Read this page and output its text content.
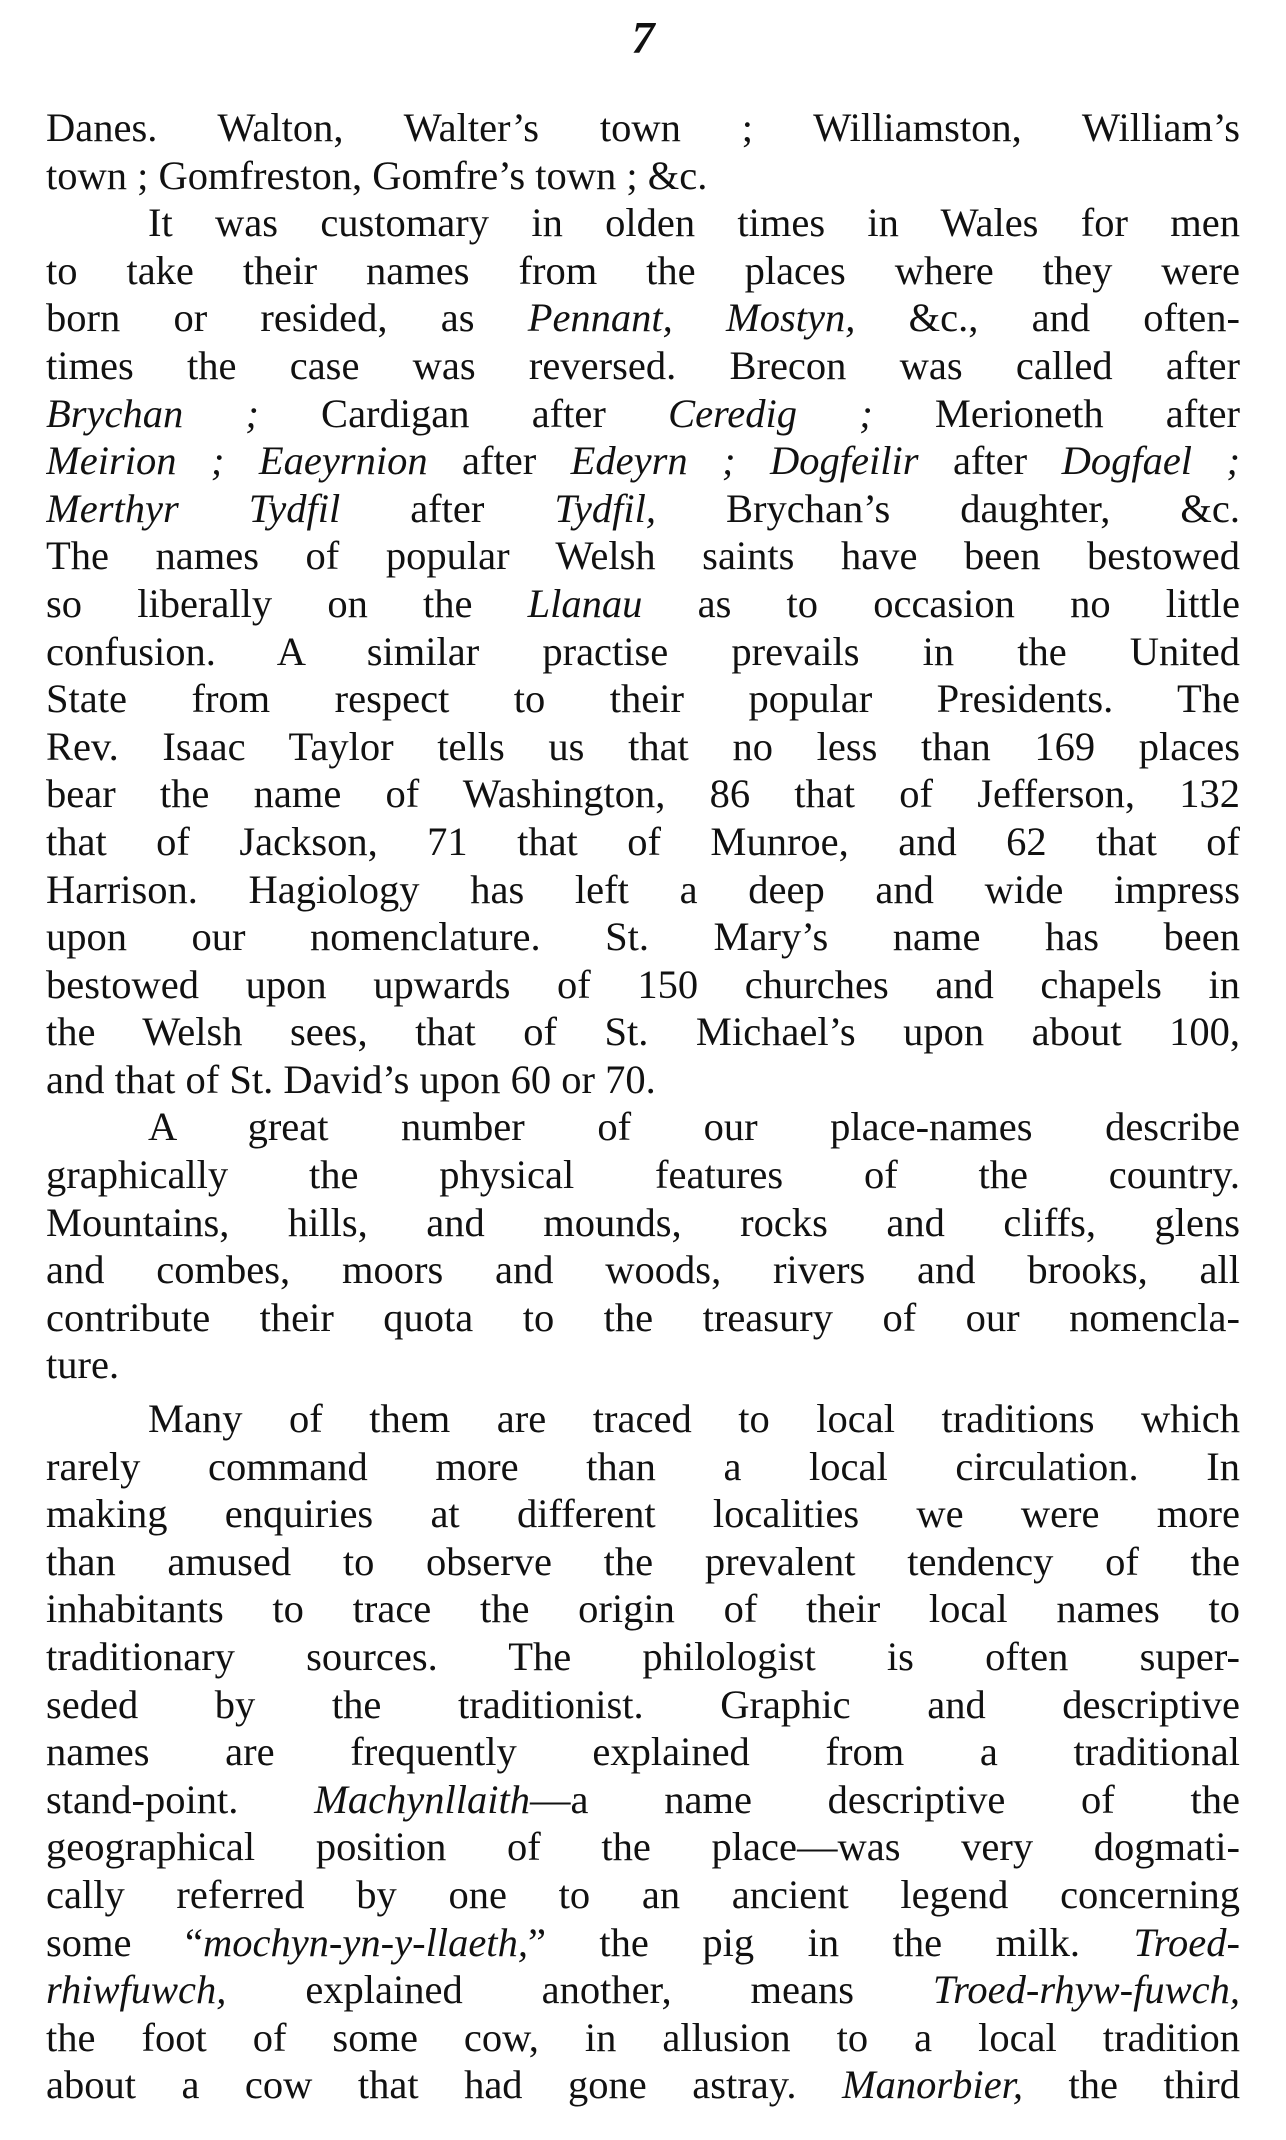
7
Danes. Walton, Walter’s town ; Williamston, William’s
town ; Gomfreston, Gomfre’s town ; &c.
It was customary in olden times in Wales for men
to take their names from the places where they were
born or resided, as Pennant, Mostyn, &c., and often-
times the case was reversed. Brecon was called after
Brychan ; Cardigan after Ceredig ; Merioneth after
Meirion ; Eaeyrnion after Edeyrn ; Dogfeilir after Dogfael ;
Merthyr Tydfil after Tydfil, Brychan’s daughter, &c.
The names of popular Welsh saints have been bestowed
so liberally on the Llanau as to occasion no little
confusion. A similar practise prevails in the United
State from respect to their popular Presidents. The
Rev. Isaac Taylor tells us that no less than 169 places
bear the name of Washington, 86 that of Jefferson, 132
that of Jackson, 71 that of Munroe, and 62 that of
Harrison. Hagiology has left a deep and wide impress
upon our nomenclature. St. Mary’s name has been
bestowed upon upwards of 150 churches and chapels in
the Welsh sees, that of St. Michael’s upon about 100,
and that of St. David’s upon 60 or 70.
A great number of our place-names describe
graphically the physical features of the country.
Mountains, hills, and mounds, rocks and cliffs, glens
and combes, moors and woods, rivers and brooks, all
contribute their quota to the treasury of our nomencla-
ture.
Many of them are traced to local traditions which
rarely command more than a local circulation. In
making enquiries at different localities we were more
than amused to observe the prevalent tendency of the
inhabitants to trace the origin of their local names to
traditionary sources. The philologist is often super-
seded by the traditionist. Graphic and descriptive
names are frequently explained from a traditional
stand-point. Machynllaith—a name descriptive of the
geographical position of the place—was very dogmati-
cally referred by one to an ancient legend concerning
some “mochyn-yn-y-llaeth,” the pig in the milk. Troed-
rhiwfuwch, explained another, means Troed-rhyw-fuwch,
the foot of some cow, in allusion to a local tradition
about a cow that had gone astray. Manorbier, the third
